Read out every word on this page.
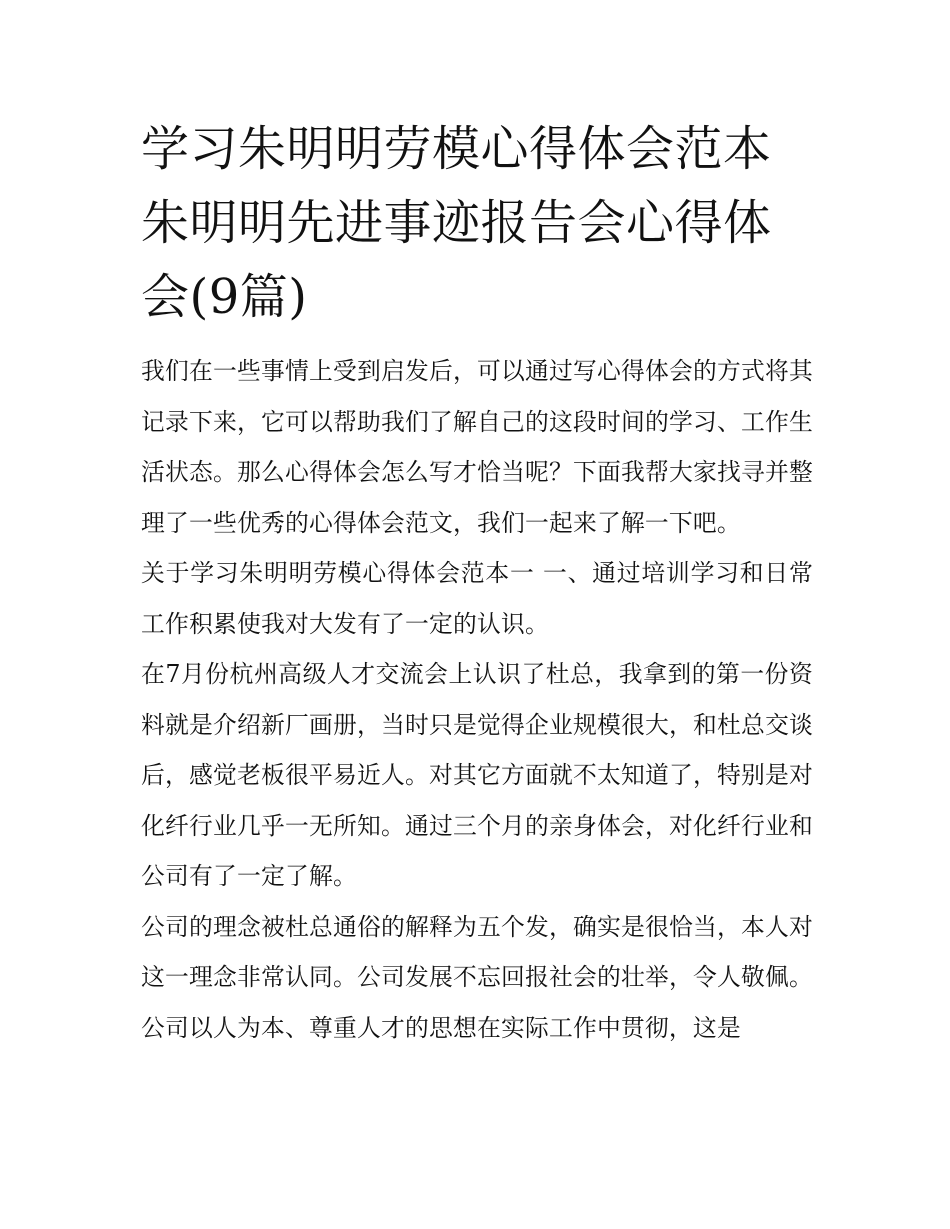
学习朱明明劳模心得体会范本朱明明先进事迹报告会心得体会(9篇)

我们在一些事情上受到启发后，可以通过写心得体会的方式将其记录下来，它可以帮助我们了解自己的这段时间的学习、工作生活状态。那么心得体会怎么写才恰当呢？下面我帮大家找寻并整理了一些优秀的心得体会范文，我们一起来了解一下吧。

关于学习朱明明劳模心得体会范本一 一、通过培训学习和日常工作积累使我对大发有了一定的认识。

在7月份杭州高级人才交流会上认识了杜总，我拿到的第一份资料就是介绍新厂画册，当时只是觉得企业规模很大，和杜总交谈后，感觉老板很平易近人。对其它方面就不太知道了，特别是对化纤行业几乎一无所知。通过三个月的亲身体会，对化纤行业和公司有了一定了解。

公司的理念被杜总通俗的解释为五个发，确实是很恰当，本人对这一理念非常认同。公司发展不忘回报社会的壮举，令人敬佩。公司以人为本、尊重人才的思想在实际工作中贯彻，这是
